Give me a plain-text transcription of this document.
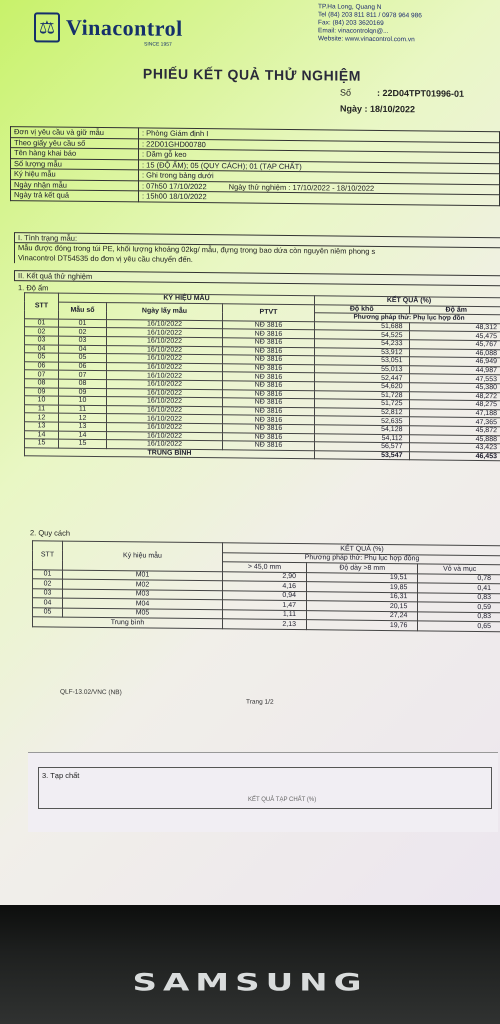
⚖ Vinacontrol
SINCE 1957
TP.Ha Long, Quang N
Tel (84) 203 811 811 / 0978 964 986
Fax: (84) 203 3620169
Email: vinacontrolqn@...
Website: www.vinacontrol.com.vn
PHIẾU KẾT QUẢ THỬ NGHIỆM
Số	: 22D04TPT01996-01
Ngày : 18/10/2022
Đơn vị yêu cầu và giữ mẫu	: Phòng Giám định I
Theo giấy yêu cầu số	: 22D01GHD00780
Tên hàng khai báo	: Dăm gỗ keo
Số lượng mẫu	: 15 (ĐỘ ẨM); 05 (QUY CÁCH); 01 (TẠP CHẤT)
Ký hiệu mẫu	: Ghi trong bảng dưới
Ngày nhận mẫu	: 07h50 17/10/2022 Ngày thử nghiệm : 17/10/2022 - 18/10/2022
Ngày trả kết quả	: 15h00 18/10/2022
I. Tình trạng mẫu:
Mẫu được đóng trong túi PE, khối lượng khoảng 02kg/ mẫu, đựng trong bao dứa còn nguyên niêm phong s
Vinacontrol DT54535 do đơn vị yêu cầu chuyển đến.
II. Kết quả thử nghiệm
1. Độ ẩm
STT	KÝ HIỆU MẪU			KẾT QUẢ (%)	
	Mẫu số	Ngày lấy mẫu	PTVT	Độ khô	Độ ẩm
				Phương pháp thử: Phụ lục hợp đồn	
01	01	16/10/2022	NĐ 3816	51,688	48,312
02	02	16/10/2022	NĐ 3816	54,525	45,475
03	03	16/10/2022	NĐ 3816	54,233	45,767
04	04	16/10/2022	NĐ 3816	53,912	46,088
05	05	16/10/2022	NĐ 3816	53,051	46,949
06	06	16/10/2022	NĐ 3816	55,013	44,987
07	07	16/10/2022	NĐ 3816	52,447	47,553
08	08	16/10/2022	NĐ 3816	54,620	45,380
09	09	16/10/2022	NĐ 3816	51,728	48,272
10	10	16/10/2022	NĐ 3816	51,725	48,275
11	11	16/10/2022	NĐ 3816	52,812	47,188
12	12	16/10/2022	NĐ 3816	52,635	47,365
13	13	16/10/2022	NĐ 3816	54,128	45,872
14	14	16/10/2022	NĐ 3816	54,112	45,888
15	15	16/10/2022	NĐ 3816	56,577	43,423
TRUNG BÌNH				53,547	46,453
2. Quy cách
STT	Ký hiệu mẫu	KẾT QUẢ (%)		
		Phương pháp thử: Phụ lục hợp đồng		
		> 45,0 mm	Độ dày >8 mm	Vỏ và mục
01	M01	2,90	19,51	0,78
02	M02	4,16	19,85	0,41
03	M03	0,94	16,31	0,83
04	M04	1,47	20,15	0,59
05	M05	1,11	27,24	0,83
Trung bình		2,13	19,76	0,65
QLF-13.02/VNC (NB)
Trang 1/2
3. Tạp chất
KẾT QUẢ TẠP CHẤT (%)
SAMSUNG
